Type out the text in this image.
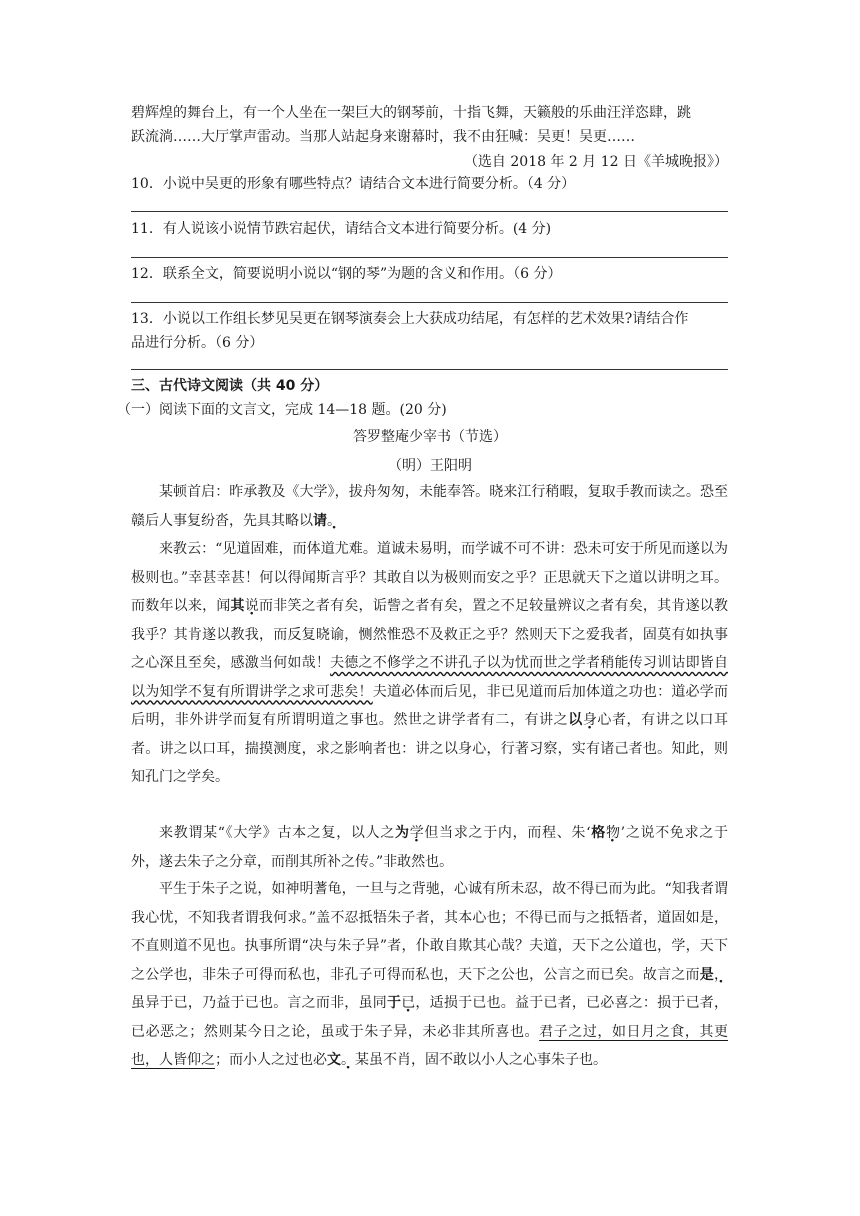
碧辉煌的舞台上，有一个人坐在一架巨大的钢琴前，十指飞舞，天籁般的乐曲汪洋恣肆，跳
跃流淌……大厅掌声雷动。当那人站起身来谢幕时，我不由狂喊：吴更！吴更……
（选自 2018 年 2 月 12 日《羊城晚报》）
10．小说中吴更的形象有哪些特点？请结合文本进行简要分析。（4 分）
11．有人说该小说情节跌宕起伏，请结合文本进行简要分析。(4 分)
12．联系全文，简要说明小说以“钢的琴”为题的含义和作用。（6 分）
13．小说以工作组长梦见吴更在钢琴演奏会上大获成功结尾，有怎样的艺术效果?请结合作
品进行分析。（6 分）
三、古代诗文阅读（共 40 分）
（一）阅读下面的文言文，完成 14—18 题。(20 分)
答罗整庵少宰书（节选）
（明）王阳明
某顿首启：昨承教及《大学》，拔舟匆匆，未能奉答。晓来江行稍暇，复取手教而读之。恐至赣后人事复纷沓，先具其略以请。
来教云：“见道固难，而体道尤难。道诚未易明，而学诚不可不讲：恐未可安于所见而遂以为极则也。”幸甚幸甚！何以得闻斯言乎？其敢自以为极则而安之乎？正思就天下之道以讲明之耳。而数年以来，闻其说而非笑之者有矣，诟訾之者有矣，置之不足较量辨议之者有矣，其肯遂以教我乎？其肯遂以教我，而反复晓谕，恻然惟恐不及救正之乎？然则天下之爱我者，固莫有如执事之心深且至矣，感激当何如哉！夫德之不修学之不讲孔子以为忧而世之学者稍能传习训诂即皆自以为知学不复有所谓讲学之求可悲矣！夫道必体而后见，非已见道而后加体道之功也：道必学而后明，非外讲学而复有所谓明道之事也。然世之讲学者有二，有讲之以身心者，有讲之以口耳者。讲之以口耳，揣摸测度，求之影响者也：讲之以身心，行著习察，实有诸己者也。知此，则知孔门之学矣。
来教谓某“《大学》古本之复，以人之为学但当求之于内，而程、朱‘格物’之说不免求之于外，遂去朱子之分章，而削其所补之传。”非敢然也。
平生于朱子之说，如神明蓍龟，一旦与之背驰，心诚有所未忍，故不得已而为此。“知我者谓我心忧，不知我者谓我何求。”盖不忍抵牾朱子者，其本心也；不得已而与之抵牾者，道固如是，不直则道不见也。执事所谓“决与朱子异”者，仆敢自欺其心哉？夫道，天下之公道也，学，天下之公学也，非朱子可得而私也，非孔子可得而私也，天下之公也，公言之而已矣。故言之而是，虽异于已，乃益于已也。言之而非，虽同于已，适损于已也。益于已者，已必喜之：损于已者，已必恶之；然则某今日之论，虽或于朱子异，未必非其所喜也。君子之过，如日月之食，其更也，人皆仰之；而小人之过也必文。某虽不肖，固不敢以小人之心事朱子也。
